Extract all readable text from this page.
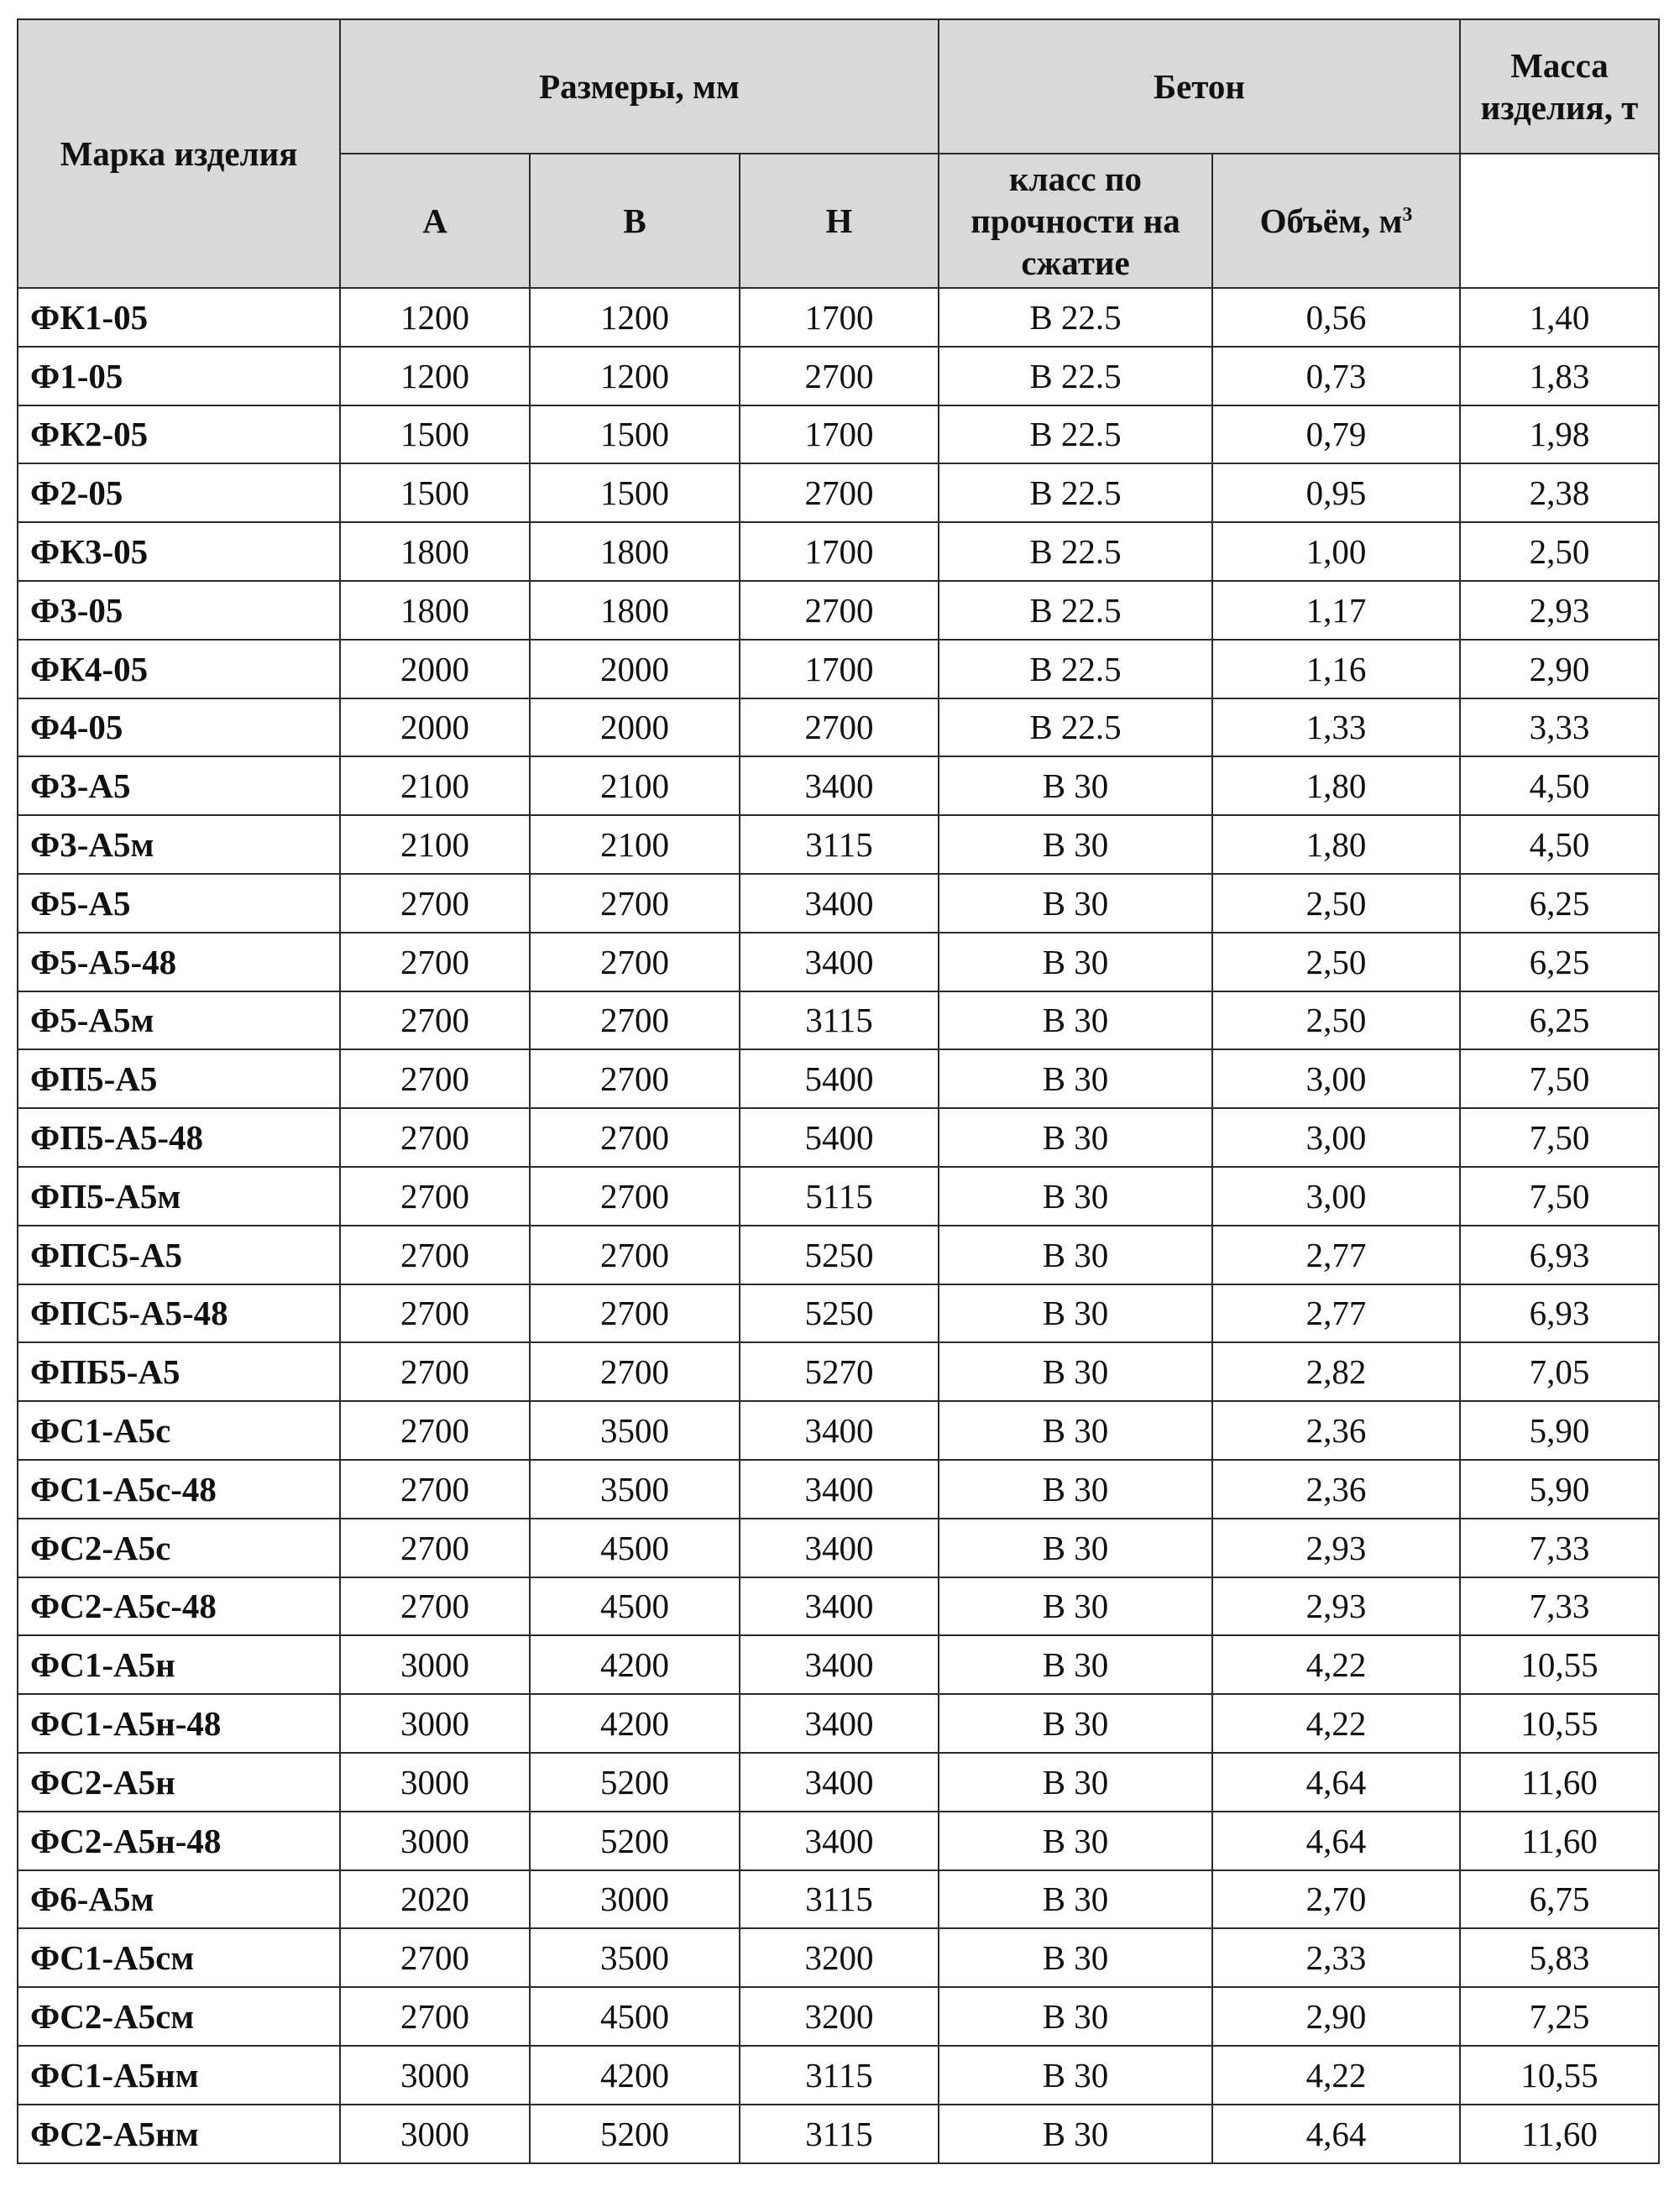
Марка изделия	Размеры, мм			Бетон		Масса изделия, т
	А	В	Н	класс по прочности на сжатие	Объём, $м^3$	
ФК1-05	1200	1200	1700	В 22.5	0,56	1,40
Ф1-05	1200	1200	2700	В 22.5	0,73	1,83
ФК2-05	1500	1500	1700	В 22.5	0,79	1,98
Ф2-05	1500	1500	2700	В 22.5	0,95	2,38
ФК3-05	1800	1800	1700	В 22.5	1,00	2,50
Ф3-05	1800	1800	2700	В 22.5	1,17	2,93
ФК4-05	2000	2000	1700	В 22.5	1,16	2,90
Ф4-05	2000	2000	2700	В 22.5	1,33	3,33
Ф3-А5	2100	2100	3400	В 30	1,80	4,50
Ф3-А5м	2100	2100	3115	В 30	1,80	4,50
Ф5-А5	2700	2700	3400	В 30	2,50	6,25
Ф5-А5-48	2700	2700	3400	В 30	2,50	6,25
Ф5-А5м	2700	2700	3115	В 30	2,50	6,25
ФП5-А5	2700	2700	5400	В 30	3,00	7,50
ФП5-А5-48	2700	2700	5400	В 30	3,00	7,50
ФП5-А5м	2700	2700	5115	В 30	3,00	7,50
ФПС5-А5	2700	2700	5250	В 30	2,77	6,93
ФПС5-А5-48	2700	2700	5250	В 30	2,77	6,93
ФПБ5-А5	2700	2700	5270	В 30	2,82	7,05
ФС1-А5с	2700	3500	3400	В 30	2,36	5,90
ФС1-А5с-48	2700	3500	3400	В 30	2,36	5,90
ФС2-А5с	2700	4500	3400	В 30	2,93	7,33
ФС2-А5с-48	2700	4500	3400	В 30	2,93	7,33
ФС1-А5н	3000	4200	3400	В 30	4,22	10,55
ФС1-А5н-48	3000	4200	3400	В 30	4,22	10,55
ФС2-А5н	3000	5200	3400	В 30	4,64	11,60
ФС2-А5н-48	3000	5200	3400	В 30	4,64	11,60
Ф6-А5м	2020	3000	3115	В 30	2,70	6,75
ФС1-А5см	2700	3500	3200	В 30	2,33	5,83
ФС2-А5см	2700	4500	3200	В 30	2,90	7,25
ФС1-А5нм	3000	4200	3115	В 30	4,22	10,55
ФС2-А5нм	3000	5200	3115	В 30	4,64	11,60
